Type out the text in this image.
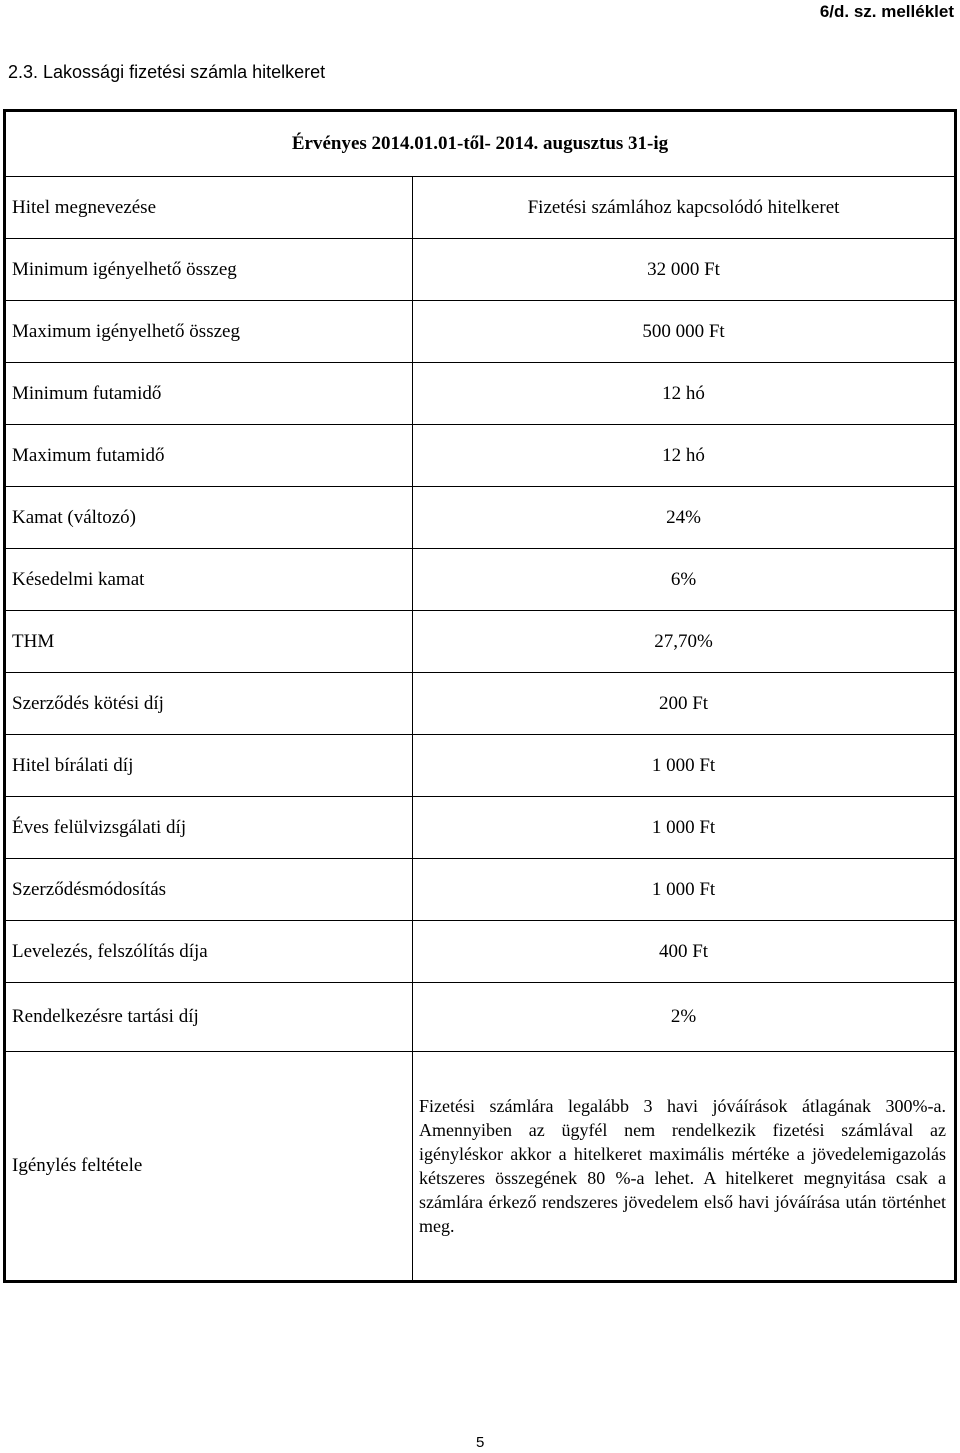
6/d. sz. melléklet
2.3. Lakossági fizetési számla hitelkeret
Érvényes 2014.01.01-től- 2014. augusztus 31-ig	
Hitel megnevezése	Fizetési számlához kapcsolódó hitelkeret
Minimum igényelhető összeg	32 000 Ft
Maximum igényelhető összeg	500 000 Ft
Minimum futamidő	12 hó
Maximum futamidő	12 hó
Kamat (változó)	24%
Késedelmi kamat	6%
THM	27,70%
Szerződés kötési díj	200 Ft
Hitel bírálati díj	1 000 Ft
Éves felülvizsgálati díj	1 000 Ft
Szerződésmódosítás	1 000 Ft
Levelezés, felszólítás díja	400 Ft
Rendelkezésre tartási díj	2%
Igénylés feltétele	Fizetési számlára legalább 3 havi jóváírások átlagának 300%-a. Amennyiben az ügyfél nem rendelkezik fizetési számlával az igényléskor akkor a hitelkeret maximális mértéke a jövedelemigazolás kétszeres összegének 80 %-a lehet. A hitelkeret megnyitása csak a számlára érkező rendszeres jövedelem első havi jóváírása után történhet meg.
5
